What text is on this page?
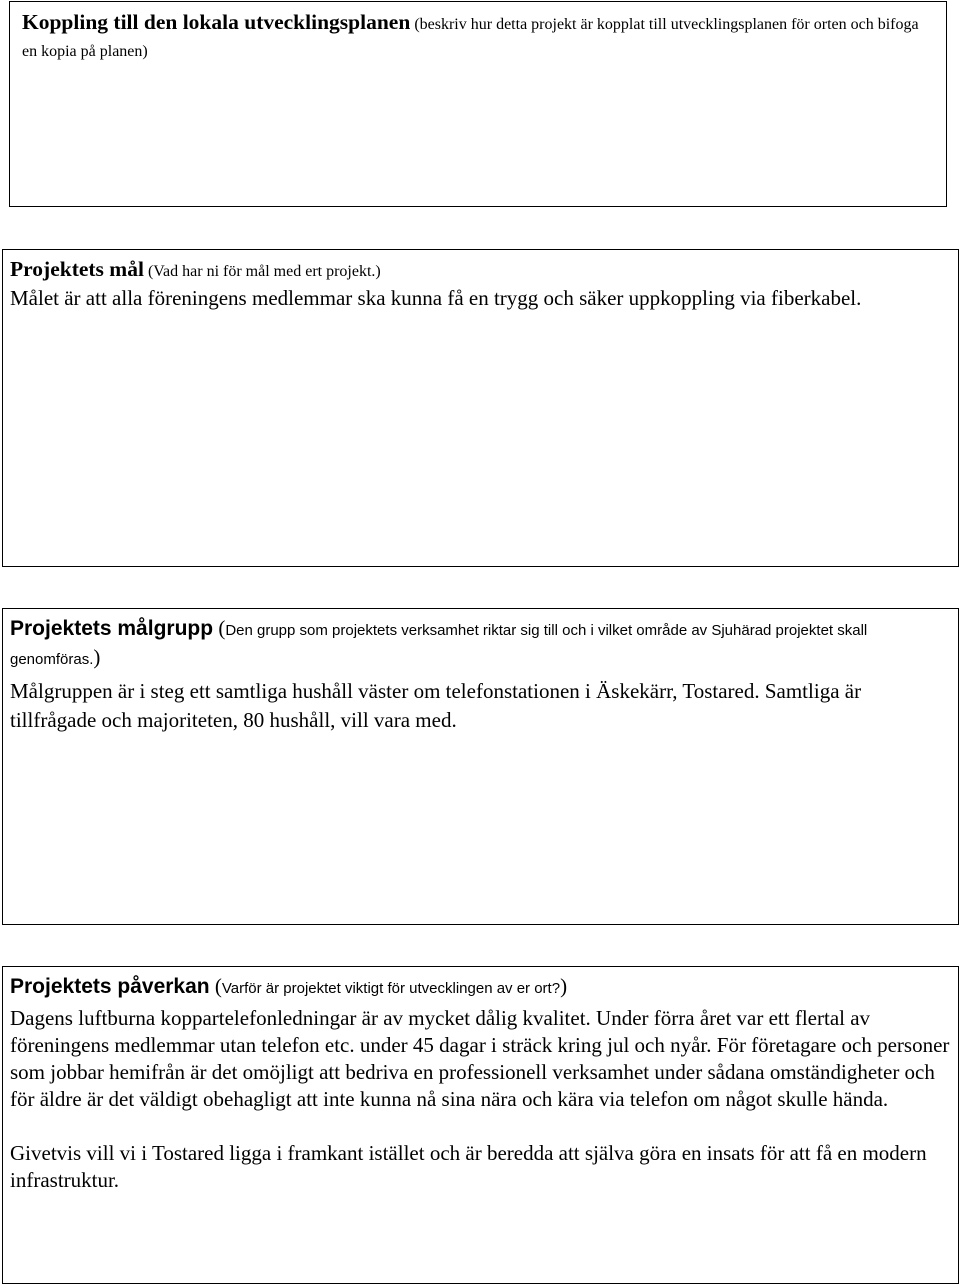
Koppling till den lokala utvecklingsplanen (beskriv hur detta projekt är kopplat till utvecklingsplanen för orten och bifoga en kopia på planen)

Projektets mål (Vad har ni för mål med ert projekt.)

Målet är att alla föreningens medlemmar ska kunna få en trygg och säker uppkoppling via fiberkabel.

Projektets målgrupp (Den grupp som projektets verksamhet riktar sig till och i vilket område av Sjuhärad projektet skall genomföras.)

Målgruppen är i steg ett samtliga hushåll väster om telefonstationen i Äskekärr, Tostared. Samtliga är tillfrågade och majoriteten, 80 hushåll, vill vara med.

Projektets påverkan (Varför är projektet viktigt för utvecklingen av er ort?)

Dagens luftburna koppartelefonledningar är av mycket dålig kvalitet. Under förra året var ett flertal av föreningens medlemmar utan telefon etc. under 45 dagar i sträck kring jul och nyår. För företagare och personer som jobbar hemifrån är det omöjligt att bedriva en professionell verksamhet under sådana omständigheter och för äldre är det väldigt obehagligt att inte kunna nå sina nära och kära via telefon om något skulle hända.

Givetvis vill vi i Tostared ligga i framkant istället och är beredda att själva göra en insats för att få en modern infrastruktur.
